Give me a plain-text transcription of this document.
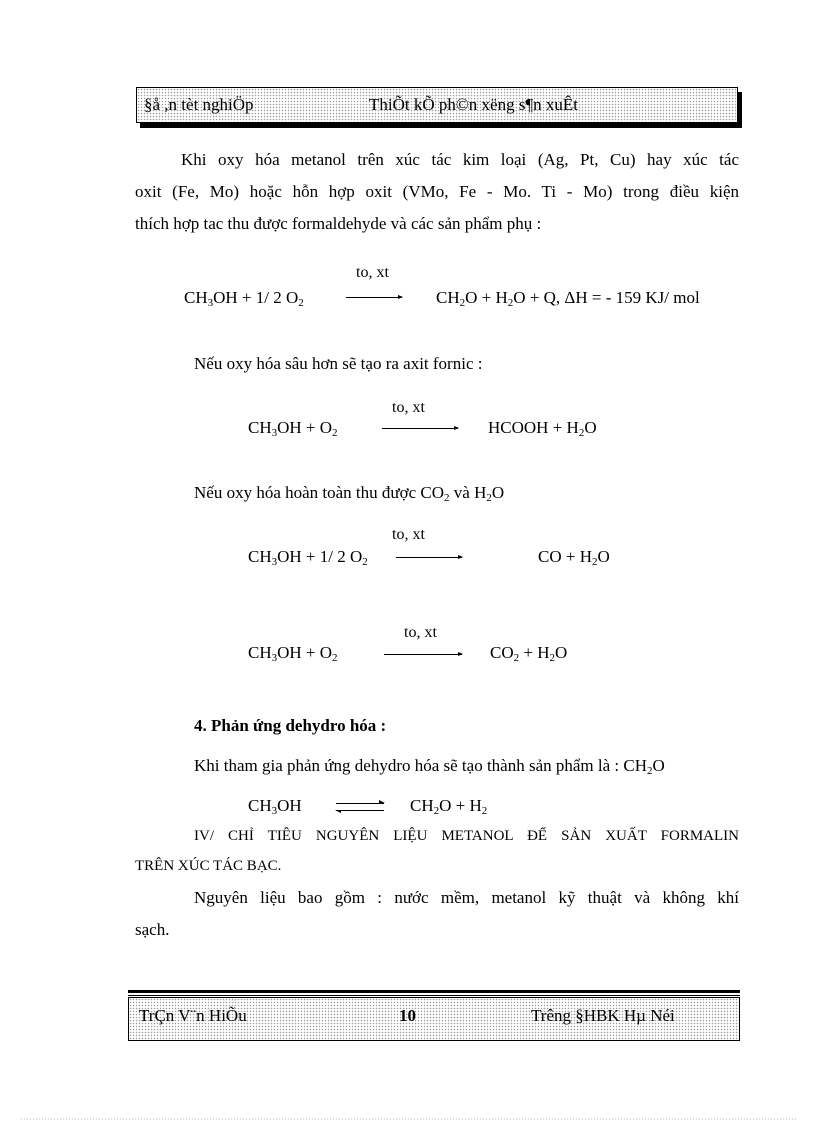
§å ,n tèt nghiÖp	ThiÕt kÕ ph©n xëng s¶n xuÊt
Khi oxy hóa metanol trên xúc tác kim loại (Ag, Pt, Cu) hay xúc tác
oxit (Fe, Mo) hoặc hỗn hợp oxit (VMo, Fe - Mo. Ti - Mo) trong điều kiện
thích hợp tac thu được formaldehyde và các sản phẩm phụ :
to, xt
$CH_3OH + 1/$ 2 $O_2$	$CH_2O + H_2O + Q$, ΔH = - 159 KJ/ mol
Nếu oxy hóa sâu hơn sẽ tạo ra axit fornic :
to, xt
$CH_3OH + O_2$	HCOOH + $H_2O$
Nếu oxy hóa hoàn toàn thu được $CO_2$ và $H_2O$
to, xt
$CH_3OH + 1/$ 2 $O_2$	CO + $H_2O$
to, xt
$CH_3OH + O_2$	$CO_2 + H_2O$
4. Phản ứng dehydro hóa :
Khi tham gia phản ứng dehydro hóa sẽ tạo thành sản phẩm là : $CH_2O$
$CH_3OH$	$CH_2O + H_2$
IV/ CHỈ TIÊU NGUYÊN LIỆU METANOL ĐỂ SẢN XUẤT FORMALIN
TRÊN XÚC TÁC BẠC.
Nguyên liệu bao gồm : nước mềm, metanol kỹ thuật và không khí
sạch.
TrÇn V¨n HiÕu	10	Trêng §HBK Hµ Néi
